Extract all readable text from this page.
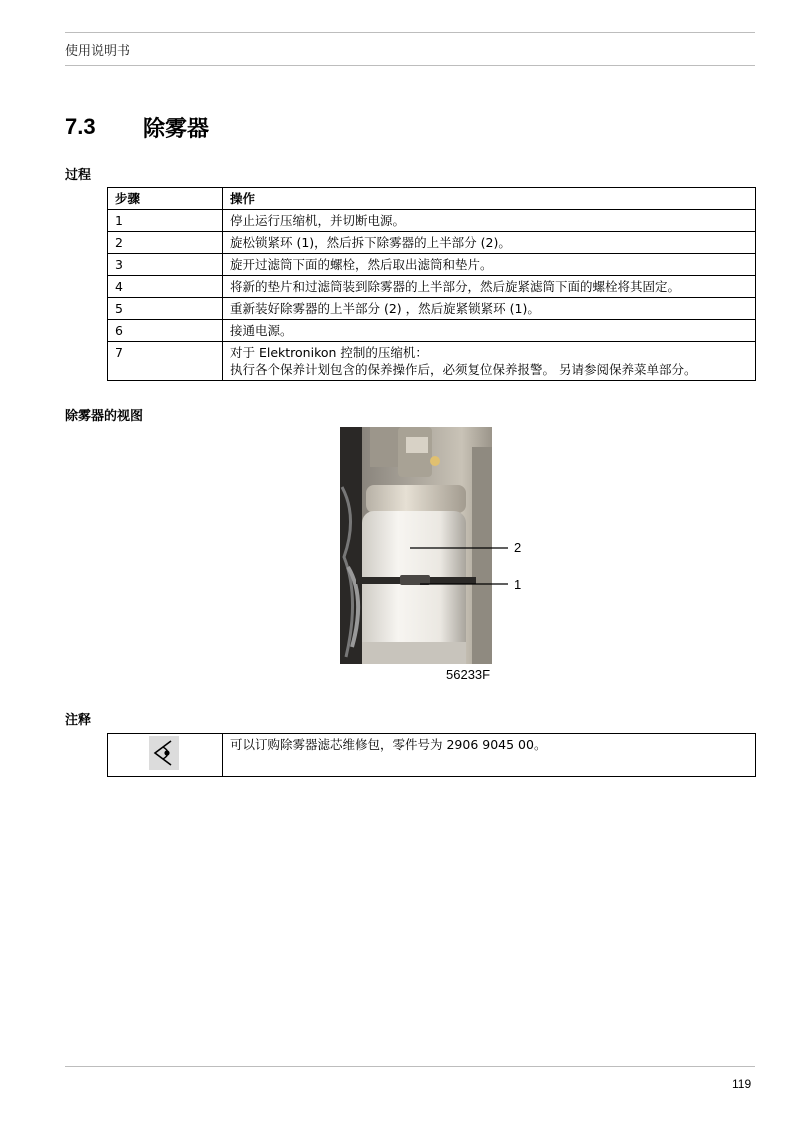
使用说明书
7.3 除雾器
过程
步骤	操作
1	停止运行压缩机，并切断电源。
2	旋松锁紧环 (1)，然后拆下除雾器的上半部分 (2)。
3	旋开过滤筒下面的螺栓，然后取出滤筒和垫片。
4	将新的垫片和过滤筒装到除雾器的上半部分，然后旋紧滤筒下面的螺栓将其固定。
5	重新装好除雾器的上半部分 (2) ，然后旋紧锁紧环 (1)。
6	接通电源。
7	对于 Elektronikon 控制的压缩机：
执行各个保养计划包含的保养操作后，必须复位保养报警。 另请参阅保养菜单部分。
除雾器的视图
2
1
56233F
注释
	可以订购除雾器滤芯维修包，零件号为 2906 9045 00。
119
